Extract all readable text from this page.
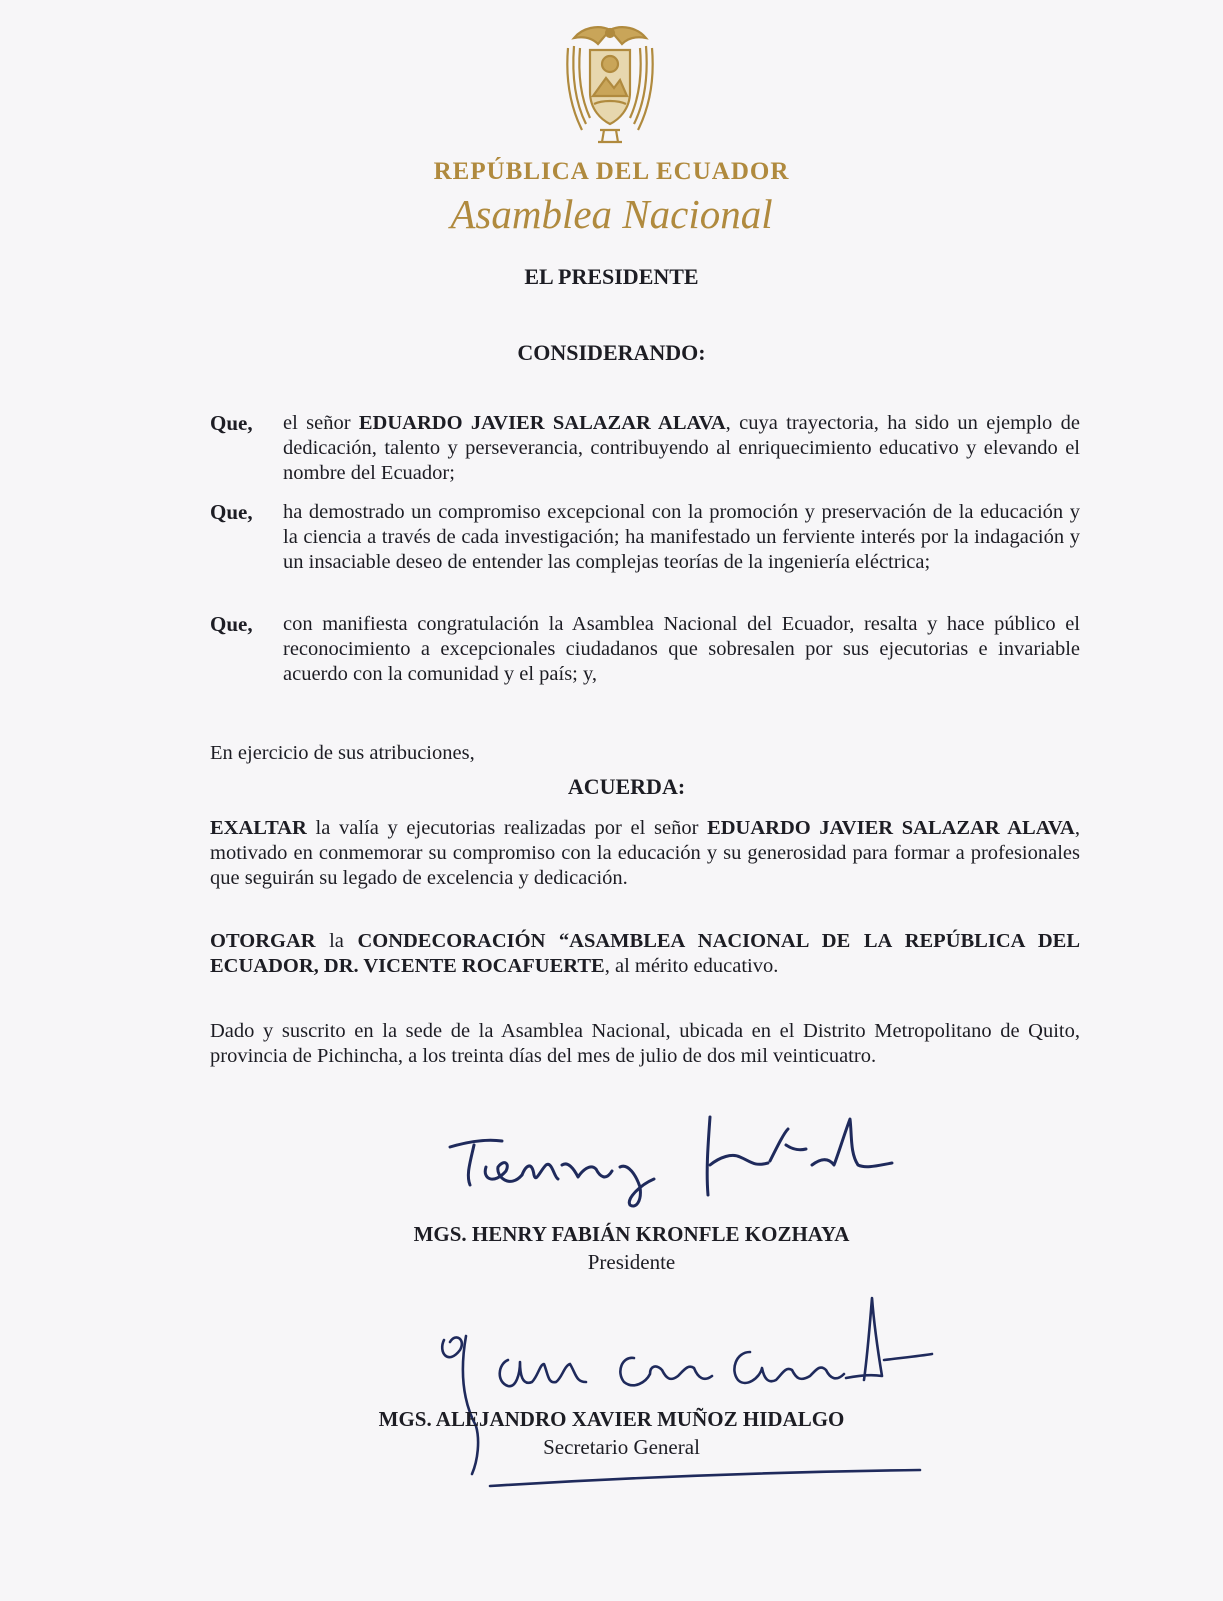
REPÚBLICA DEL ECUADOR
Asamblea Nacional
EL PRESIDENTE
CONSIDERANDO:
Que,	el señor EDUARDO JAVIER SALAZAR ALAVA, cuya trayectoria, ha sido un ejemplo de dedicación, talento y perseverancia, contribuyendo al enriquecimiento educativo y elevando el nombre del Ecuador;
Que,	ha demostrado un compromiso excepcional con la promoción y preservación de la educación y la ciencia a través de cada investigación; ha manifestado un ferviente interés por la indagación y un insaciable deseo de entender las complejas teorías de la ingeniería eléctrica;
Que,	con manifiesta congratulación la Asamblea Nacional del Ecuador, resalta y hace público el reconocimiento a excepcionales ciudadanos que sobresalen por sus ejecutorias e invariable acuerdo con la comunidad y el país; y,
En ejercicio de sus atribuciones,
ACUERDA:
EXALTAR la valía y ejecutorias realizadas por el señor EDUARDO JAVIER SALAZAR ALAVA, motivado en conmemorar su compromiso con la educación y su generosidad para formar a profesionales que seguirán su legado de excelencia y dedicación.
OTORGAR la CONDECORACIÓN “ASAMBLEA NACIONAL DE LA REPÚBLICA DEL ECUADOR, DR. VICENTE ROCAFUERTE, al mérito educativo.
Dado y suscrito en la sede de la Asamblea Nacional, ubicada en el Distrito Metropolitano de Quito, provincia de Pichincha, a los treinta días del mes de julio de dos mil veinticuatro.
MGS. HENRY FABIÁN KRONFLE KOZHAYA
Presidente
MGS. ALEJANDRO XAVIER MUÑOZ HIDALGO
Secretario General
